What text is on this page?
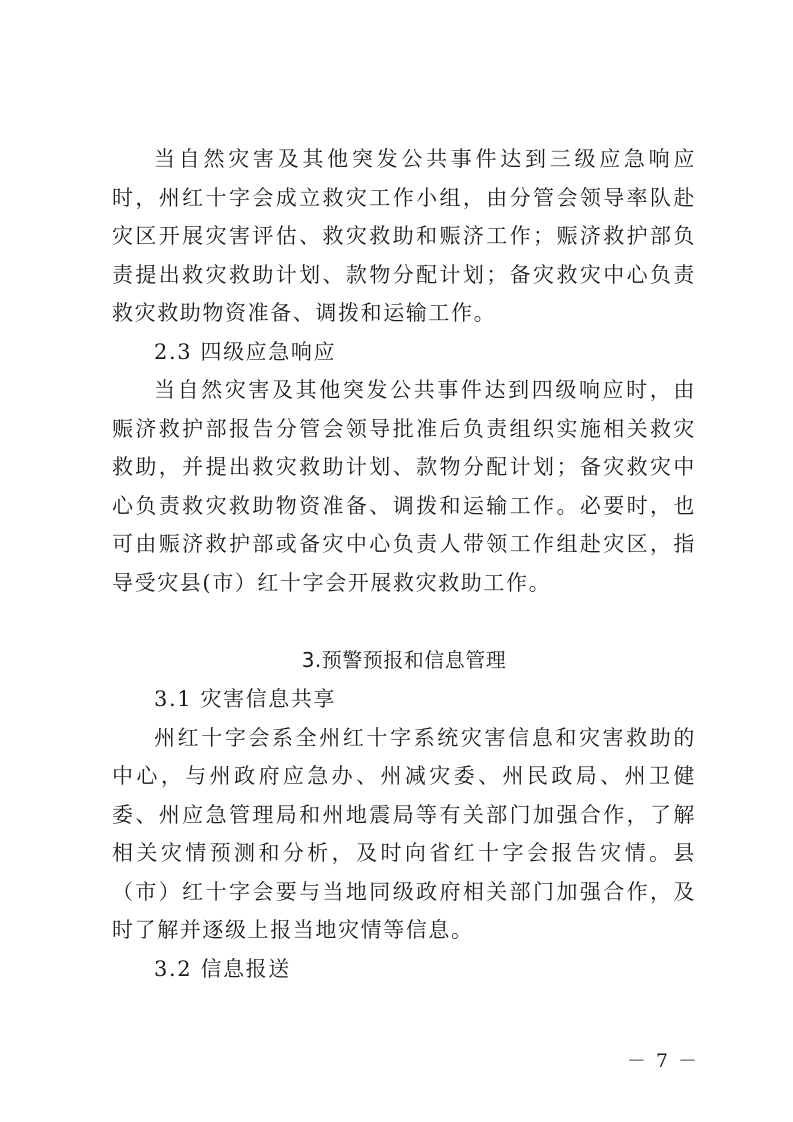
当自然灾害及其他突发公共事件达到三级应急响应时，州红十字会成立救灾工作小组，由分管会领导率队赴灾区开展灾害评估、救灾救助和赈济工作；赈济救护部负责提出救灾救助计划、款物分配计划；备灾救灾中心负责救灾救助物资准备、调拨和运输工作。

2.3 四级应急响应

当自然灾害及其他突发公共事件达到四级响应时，由赈济救护部报告分管会领导批准后负责组织实施相关救灾救助，并提出救灾救助计划、款物分配计划；备灾救灾中心负责救灾救助物资准备、调拨和运输工作。必要时，也可由赈济救护部或备灾中心负责人带领工作组赴灾区，指导受灾县(市）红十字会开展救灾救助工作。

3.预警预报和信息管理

3.1 灾害信息共享

州红十字会系全州红十字系统灾害信息和灾害救助的中心，与州政府应急办、州减灾委、州民政局、州卫健委、州应急管理局和州地震局等有关部门加强合作，了解相关灾情预测和分析，及时向省红十字会报告灾情。县（市）红十字会要与当地同级政府相关部门加强合作，及时了解并逐级上报当地灾情等信息。

3.2 信息报送

－ 7 －
